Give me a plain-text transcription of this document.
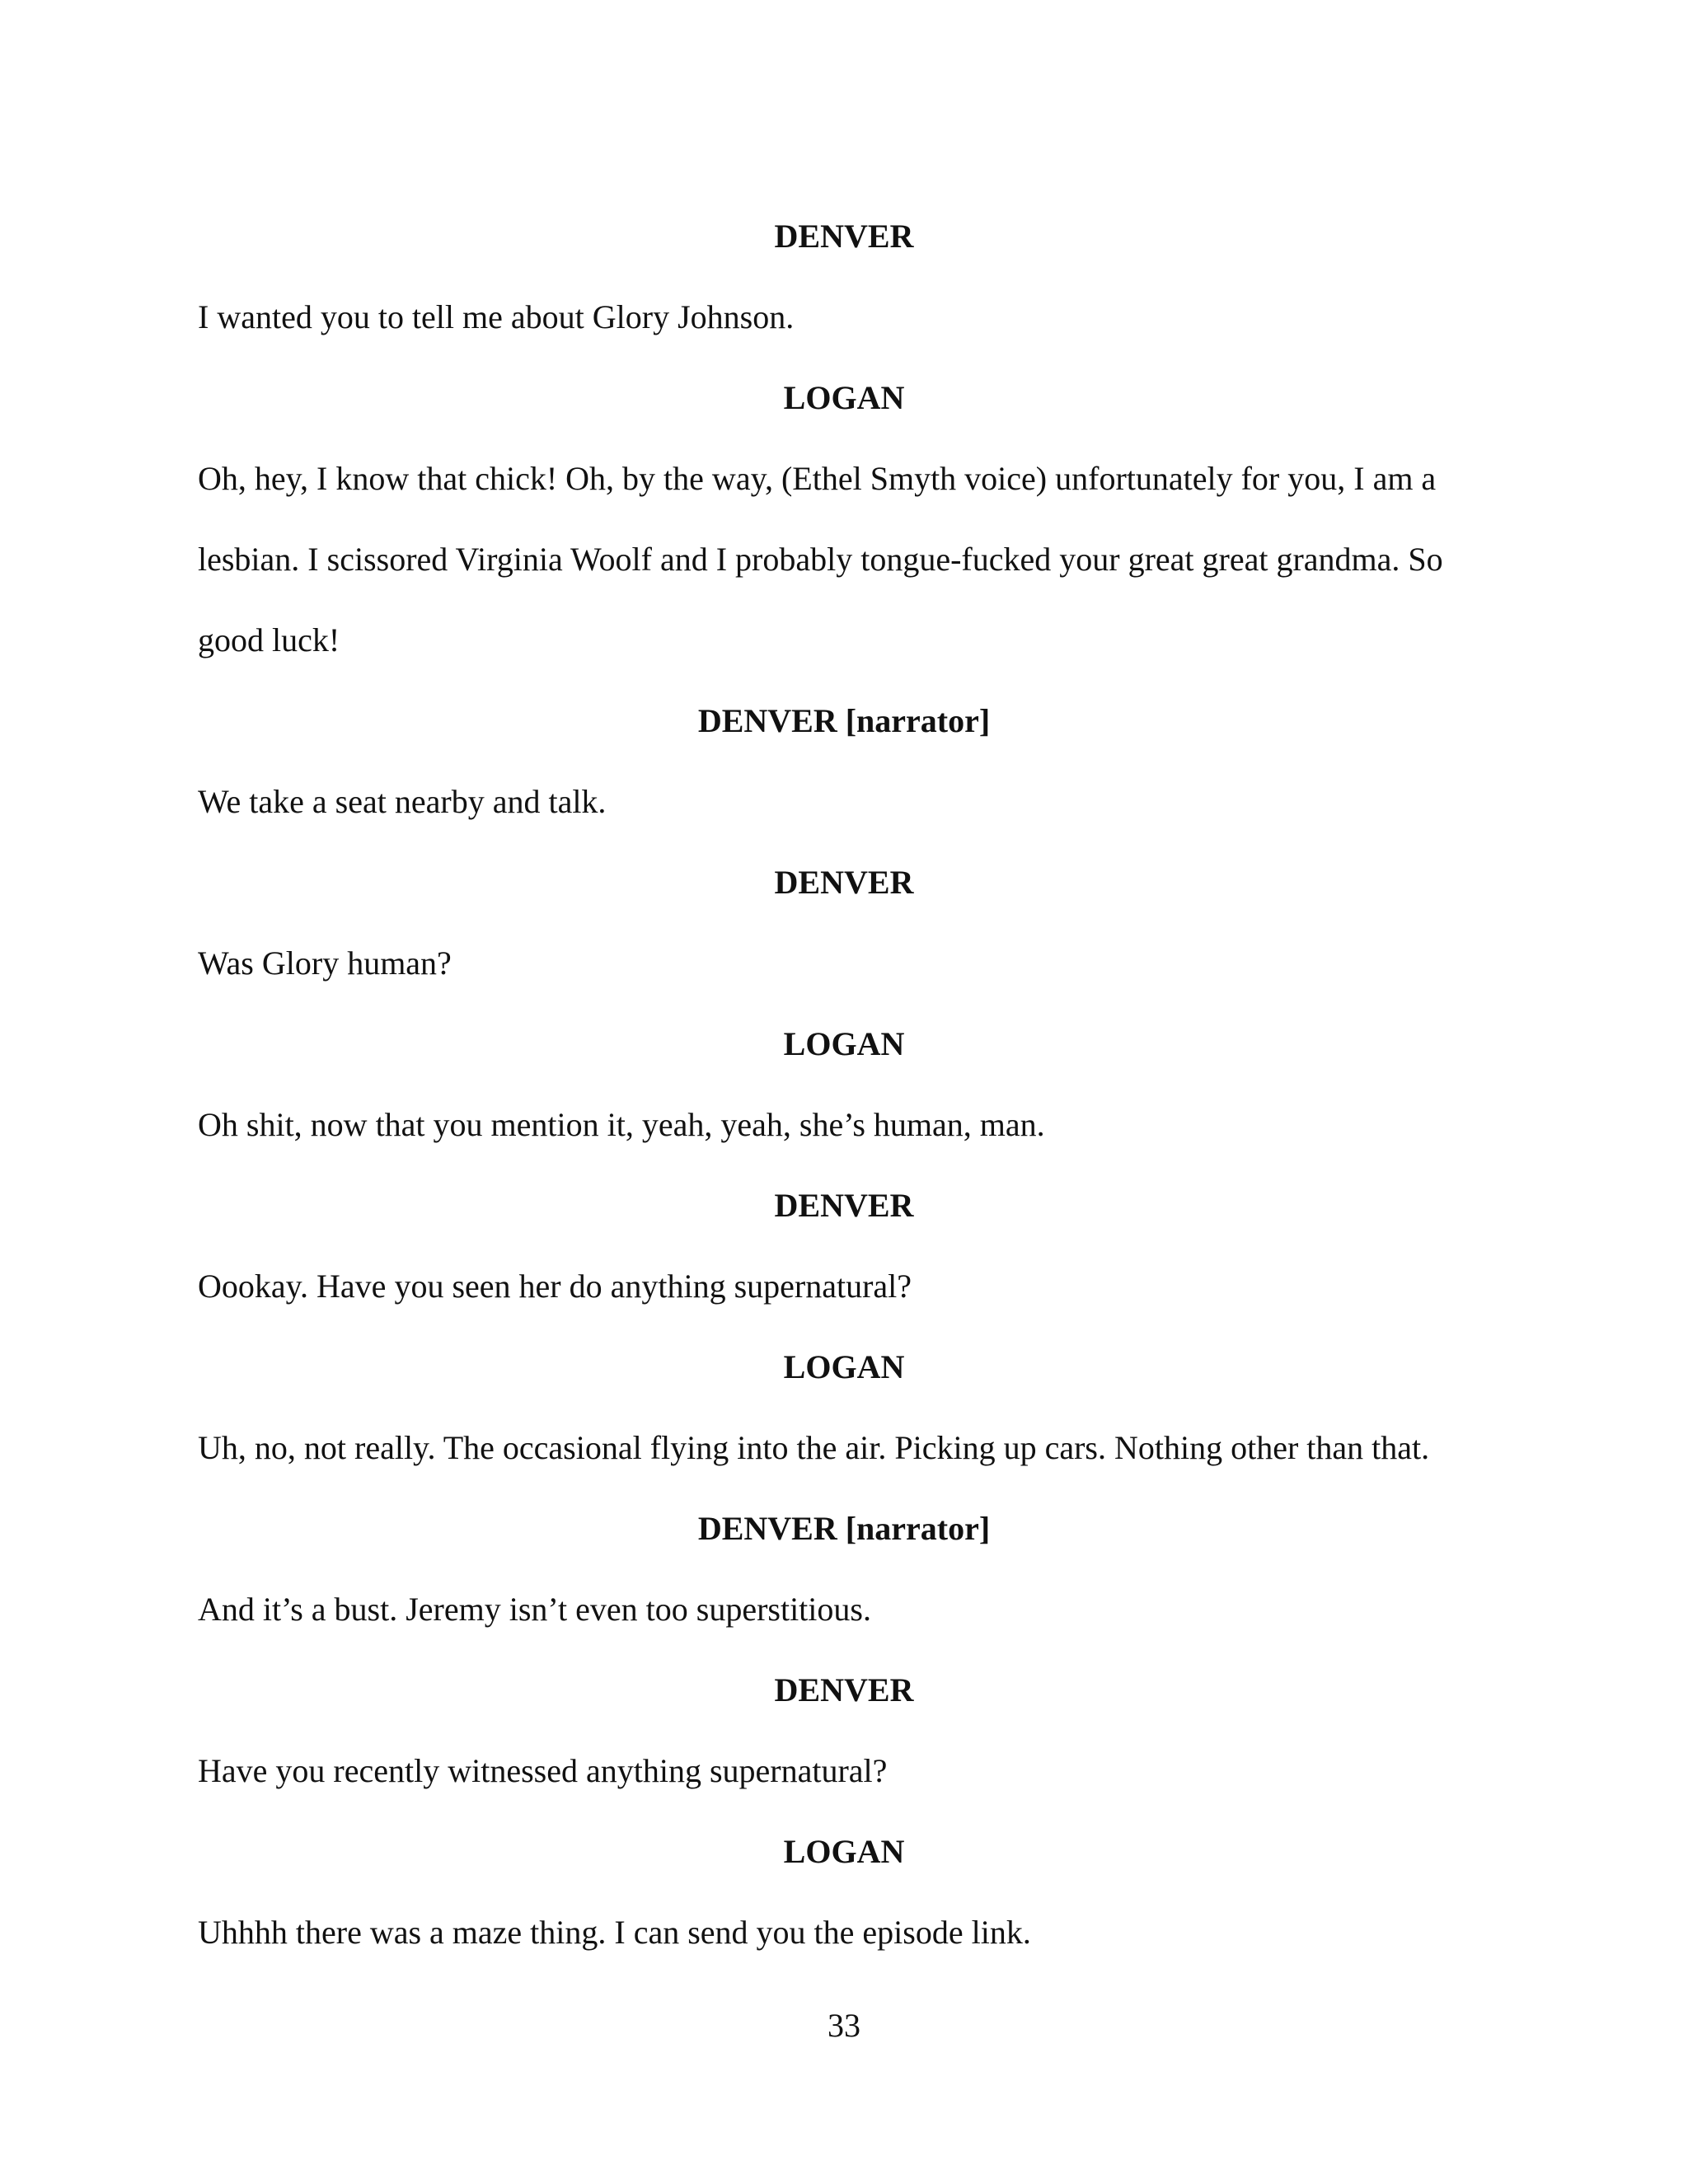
DENVER
I wanted you to tell me about Glory Johnson.
LOGAN
Oh, hey, I know that chick! Oh, by the way, (Ethel Smyth voice) unfortunately for you, I am a lesbian. I scissored Virginia Woolf and I probably tongue-fucked your great great grandma. So good luck!
DENVER [narrator]
We take a seat nearby and talk.
DENVER
Was Glory human?
LOGAN
Oh shit, now that you mention it, yeah, yeah, she’s human, man.
DENVER
Oookay. Have you seen her do anything supernatural?
LOGAN
Uh, no, not really. The occasional flying into the air. Picking up cars. Nothing other than that.
DENVER [narrator]
And it’s a bust. Jeremy isn’t even too superstitious.
DENVER
Have you recently witnessed anything supernatural?
LOGAN
Uhhhh there was a maze thing. I can send you the episode link.
33
